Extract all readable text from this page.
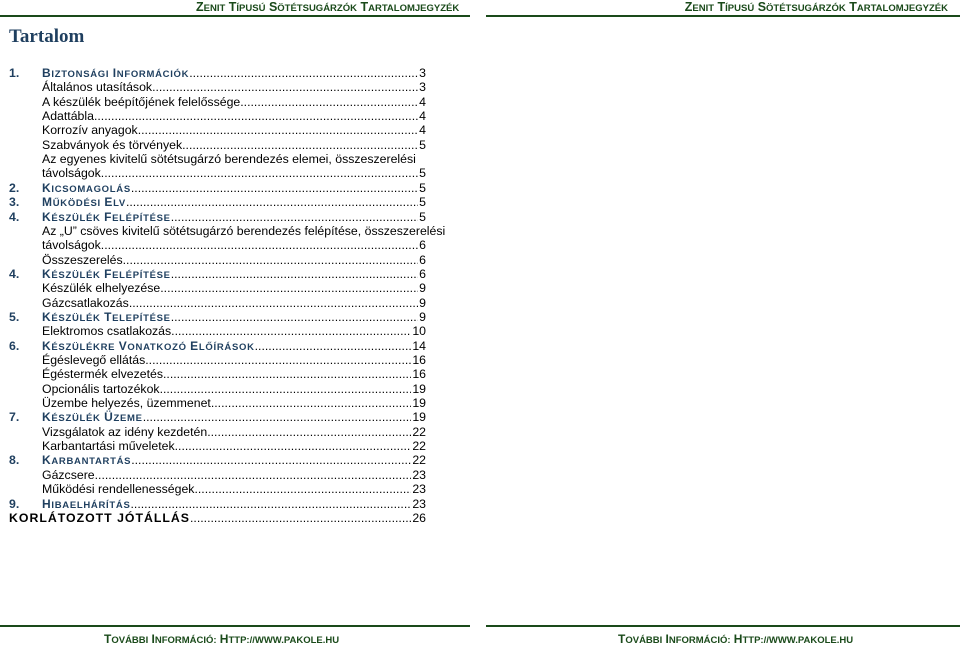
ZENIT TÍPUSÚ SÖTÉTSUGÁRZÓK TARTALOMJEGYZÉK	ZENIT TÍPUSÚ SÖTÉTSUGÁRZÓK TARTALOMJEGYZÉK
Tartalom
1.	BIZTONSÁGI INFORMÁCIÓK .....	3
Általános utasítások .....	3
A készülék beépítőjének felelőssége .....	4
Adattábla .....	4
Korrozív anyagok .....	4
Szabványok és törvények .....	5
Az egyenes kivitelű sötétsugárzó berendezés elemei, összeszerelési
távolságok .....	5
2.	KICSOMAGOLÁS .....	5
3.	MŰKÖDÉSI ELV .....	5
4.	KÉSZÜLÉK FELÉPÍTÉSE .....	5
Az „U” csöves kivitelű sötétsugárzó berendezés felépítése, összeszerelési
távolságok .....	6
Összeszerelés .....	6
4.	KÉSZÜLÉK FELÉPÍTÉSE .....	6
Készülék elhelyezése .....	9
Gázcsatlakozás .....	9
5.	KÉSZÜLÉK TELEPÍTÉSE .....	9
Elektromos csatlakozás .....	10
6.	KÉSZÜLÉKRE VONATKOZÓ ELŐÍRÁSOK .....	14
Égéslevegő ellátás .....	16
Égéstermék elvezetés .....	16
Opcionális tartozékok .....	19
Üzembe helyezés, üzemmenet .....	19
7.	KÉSZÜLÉK ÜZEME .....	19
Vizsgálatok az idény kezdetén .....	22
Karbantartási műveletek .....	22
8.	KARBANTARTÁS .....	22
Gázcsere .....	23
Működési rendellenességek .....	23
9.	HIBAELHÁRÍTÁS .....	23
KORLÁTOZOTT JÓTÁLLÁS .....	26
TOVÁBBI INFORMÁCIÓ: HTTP://WWW.PAKOLE.HU	TOVÁBBI INFORMÁCIÓ: HTTP://WWW.PAKOLE.HU
